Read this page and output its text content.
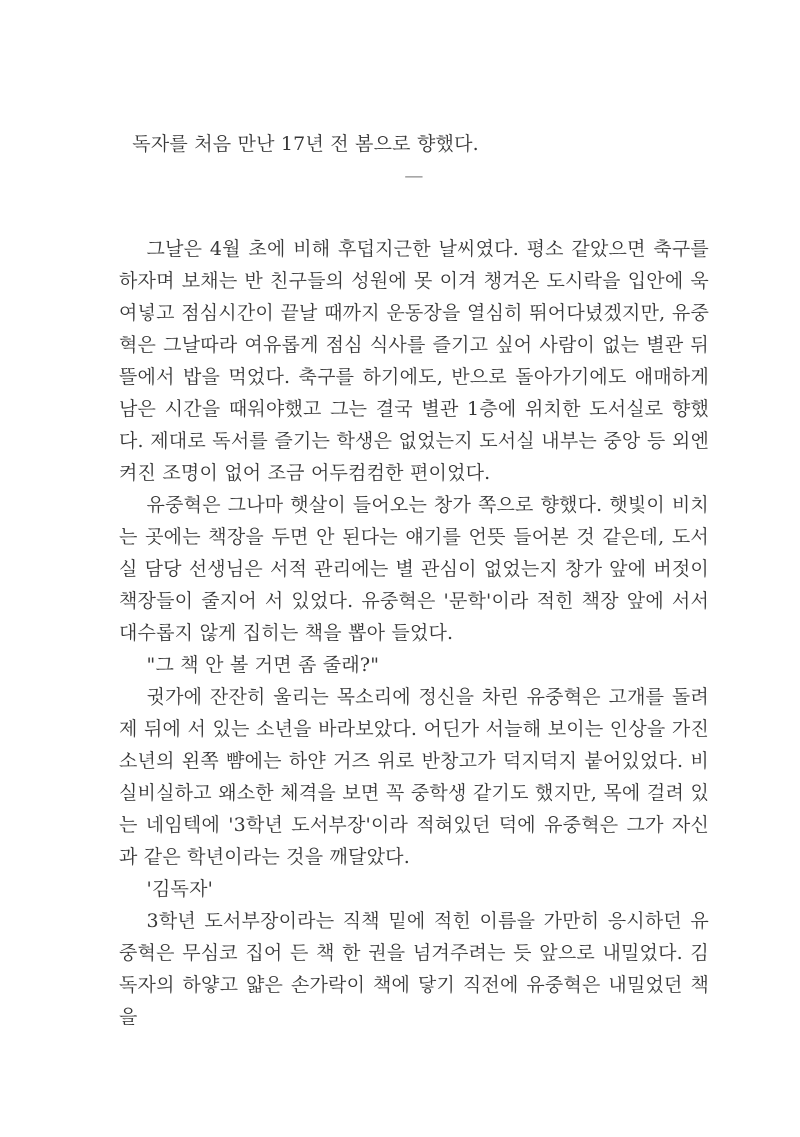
독자를 처음 만난 17년 전 봄으로 향했다.

—

그날은 4월 초에 비해 후덥지근한 날씨였다. 평소 같았으면 축구를 하자며 보채는 반 친구들의 성원에 못 이겨 챙겨온 도시락을 입안에 욱여넣고 점심시간이 끝날 때까지 운동장을 열심히 뛰어다녔겠지만, 유중혁은 그날따라 여유롭게 점심 식사를 즐기고 싶어 사람이 없는 별관 뒤뜰에서 밥을 먹었다. 축구를 하기에도, 반으로 돌아가기에도 애매하게 남은 시간을 때워야했고 그는 결국 별관 1층에 위치한 도서실로 향했다. 제대로 독서를 즐기는 학생은 없었는지 도서실 내부는 중앙 등 외엔 켜진 조명이 없어 조금 어두컴컴한 편이었다.

유중혁은 그나마 햇살이 들어오는 창가 쪽으로 향했다. 햇빛이 비치는 곳에는 책장을 두면 안 된다는 얘기를 언뜻 들어본 것 같은데, 도서실 담당 선생님은 서적 관리에는 별 관심이 없었는지 창가 앞에 버젓이 책장들이 줄지어 서 있었다. 유중혁은 '문학'이라 적힌 책장 앞에 서서 대수롭지 않게 집히는 책을 뽑아 들었다.

"그 책 안 볼 거면 좀 줄래?"

귓가에 잔잔히 울리는 목소리에 정신을 차린 유중혁은 고개를 돌려 제 뒤에 서 있는 소년을 바라보았다. 어딘가 서늘해 보이는 인상을 가진 소년의 왼쪽 뺨에는 하얀 거즈 위로 반창고가 덕지덕지 붙어있었다. 비실비실하고 왜소한 체격을 보면 꼭 중학생 같기도 했지만, 목에 걸려 있는 네임텍에 '3학년 도서부장'이라 적혀있던 덕에 유중혁은 그가 자신과 같은 학년이라는 것을 깨달았다.

'김독자'

3학년 도서부장이라는 직책 밑에 적힌 이름을 가만히 응시하던 유중혁은 무심코 집어 든 책 한 권을 넘겨주려는 듯 앞으로 내밀었다. 김독자의 하얗고 얇은 손가락이 책에 닿기 직전에 유중혁은 내밀었던 책을
